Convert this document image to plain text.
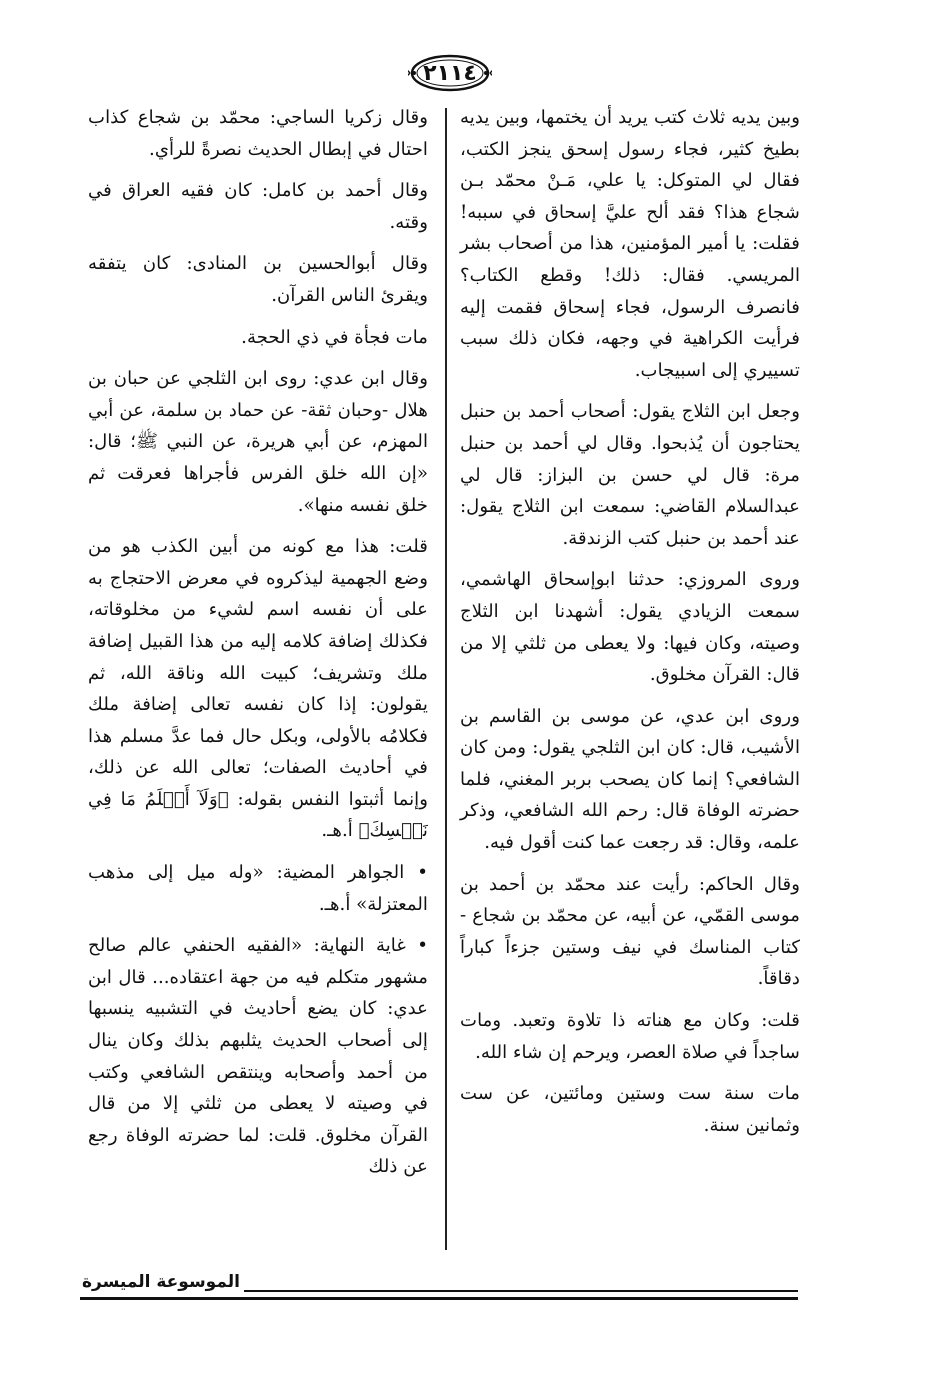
٢١١٤

وبين يديه ثلاث كتب يريد أن يختمها، وبين يديه بطيخ كثير، فجاء رسول إسحق ينجز الكتب، فقال لي المتوكل: يا علي، مَـنْ محمّد بـن شجاع هذا؟ فقد ألح عليَّ إسحاق في سببه! فقلت: يا أمير المؤمنين، هذا من أصحاب بشر المريسي. فقال: ذلك! وقطع الكتاب؟ فانصرف الرسول، فجاء إسحاق فقمت إليه فرأيت الكراهية في وجهه، فكان ذلك سبب تسييري إلى اسبيجاب.

وجعل ابن الثلاج يقول: أصحاب أحمد بن حنبل يحتاجون أن يُذبحوا. وقال لي أحمد بن حنبل مرة: قال لي حسن بن البزاز: قال لي عبدالسلام القاضي: سمعت ابن الثلاج يقول: عند أحمد بن حنبل كتب الزندقة.

وروى المروزي: حدثنا ابوإسحاق الهاشمي، سمعت الزيادي يقول: أشهدنا ابن الثلاج وصيته، وكان فيها: ولا يعطى من ثلثي إلا من قال: القرآن مخلوق.

وروى ابن عدي، عن موسى بن القاسم بن الأشيب، قال: كان ابن الثلجي يقول: ومن كان الشافعي؟ إنما كان يصحب بربر المغني، فلما حضرته الوفاة قال: رحم الله الشافعي، وذكر علمه، وقال: قد رجعت عما كنت أقول فيه.

وقال الحاكم: رأيت عند محمّد بن أحمد بن موسى القمّي، عن أبيه، عن محمّد بن شجاع - كتاب المناسك في نيف وستين جزءاً كباراً دقاقاً.

قلت: وكان مع هناته ذا تلاوة وتعبد. ومات ساجداً في صلاة العصر، ويرحم إن شاء الله.

مات سنة ست وستين ومائتين، عن ست وثمانين سنة.

وقال زكريا الساجي: محمّد بن شجاع كذاب احتال في إبطال الحديث نصرةً للرأي.

وقال أحمد بن كامل: كان فقيه العراق في وقته.

وقال أبوالحسين بن المنادى: كان يتفقه ويقرئ الناس القرآن.

مات فجأة في ذي الحجة.

وقال ابن عدي: روى ابن الثلجي عن حبان بن هلال -وحبان ثقة- عن حماد بن سلمة، عن أبي المهزم، عن أبي هريرة، عن النبي ﷺ؛ قال: «إن الله خلق الفرس فأجراها فعرقت ثم خلق نفسه منها».

قلت: هذا مع كونه من أبين الكذب هو من وضع الجهمية ليذكروه في معرض الاحتجاج به على أن نفسه اسم لشيء من مخلوقاته، فكذلك إضافة كلامه إليه من هذا القبيل إضافة ملك وتشريف؛ كبيت الله وناقة الله، ثم يقولون: إذا كان نفسه تعالى إضافة ملك فكلامُه بالأولى، وبكل حال فما عدَّ مسلم هذا في أحاديث الصفات؛ تعالى الله عن ذلك، وإنما أثبتوا النفس بقوله: ﴿وَلَآ أَعۡلَمُ مَا فِي نَفۡسِكَ﴾ أ.هـ.

• الجواهر المضية: «وله ميل إلى مذهب المعتزلة» أ.هـ.

• غاية النهاية: «الفقيه الحنفي عالم صالح مشهور متكلم فيه من جهة اعتقاده... قال ابن عدي: كان يضع أحاديث في التشبيه ينسبها إلى أصحاب الحديث يثلبهم بذلك وكان ينال من أحمد وأصحابه وينتقص الشافعي وكتب في وصيته لا يعطى من ثلثي إلا من قال القرآن مخلوق. قلت: لما حضرته الوفاة رجع عن ذلك

الموسوعة الميسرة
